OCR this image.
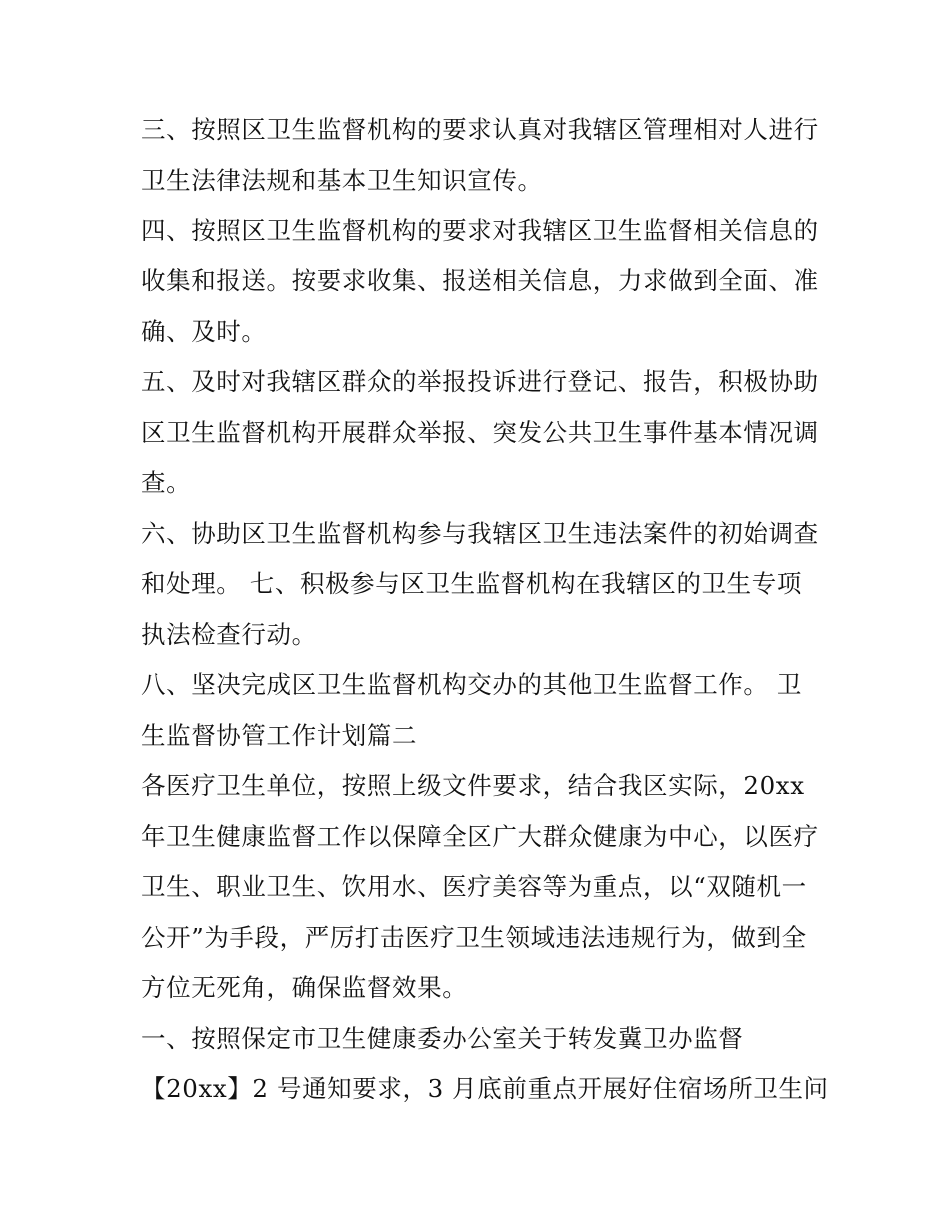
三、按照区卫生监督机构的要求认真对我辖区管理相对人进行
卫生法律法规和基本卫生知识宣传。
四、按照区卫生监督机构的要求对我辖区卫生监督相关信息的
收集和报送。按要求收集、报送相关信息，力求做到全面、准
确、及时。
五、及时对我辖区群众的举报投诉进行登记、报告，积极协助
区卫生监督机构开展群众举报、突发公共卫生事件基本情况调
查。
六、协助区卫生监督机构参与我辖区卫生违法案件的初始调查
和处理。 七、积极参与区卫生监督机构在我辖区的卫生专项
执法检查行动。
八、坚决完成区卫生监督机构交办的其他卫生监督工作。 卫
生监督协管工作计划篇二
各医疗卫生单位，按照上级文件要求，结合我区实际，20xx
年卫生健康监督工作以保障全区广大群众健康为中心，以医疗
卫生、职业卫生、饮用水、医疗美容等为重点，以“双随机一
公开”为手段，严厉打击医疗卫生领域违法违规行为，做到全
方位无死角，确保监督效果。
一、按照保定市卫生健康委办公室关于转发冀卫办监督
【20xx】2 号通知要求，3 月底前重点开展好住宿场所卫生问
